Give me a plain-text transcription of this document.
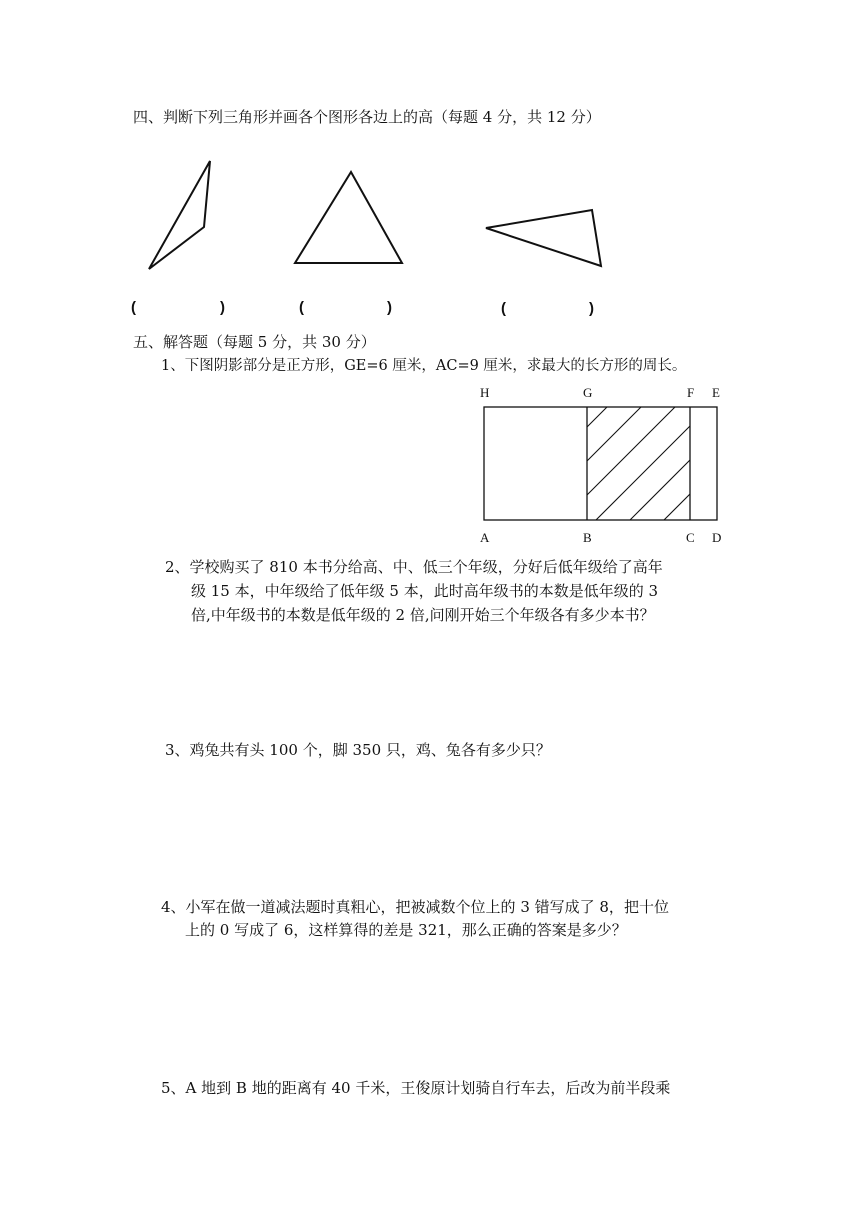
四、判断下列三角形并画各个图形各边上的高（每题 4 分，共 12 分）
(	)	(	)	(	)
五、解答题（每题 5 分，共 30 分）
1、下图阴影部分是正方形，GE=6 厘米，AC=9 厘米，求最大的长方形的周长。
H	G	F E
A	B	C D
2、学校购买了 810 本书分给高、中、低三个年级，分好后低年级给了高年
级 15 本，中年级给了低年级 5 本，此时高年级书的本数是低年级的 3
倍,中年级书的本数是低年级的 2 倍,问刚开始三个年级各有多少本书？
3、鸡兔共有头 100 个，脚 350 只，鸡、兔各有多少只？
4、小军在做一道减法题时真粗心，把被减数个位上的 3 错写成了 8，把十位
上的 0 写成了 6，这样算得的差是 321，那么正确的答案是多少？
5、A 地到 B 地的距离有 40 千米，王俊原计划骑自行车去，后改为前半段乘
